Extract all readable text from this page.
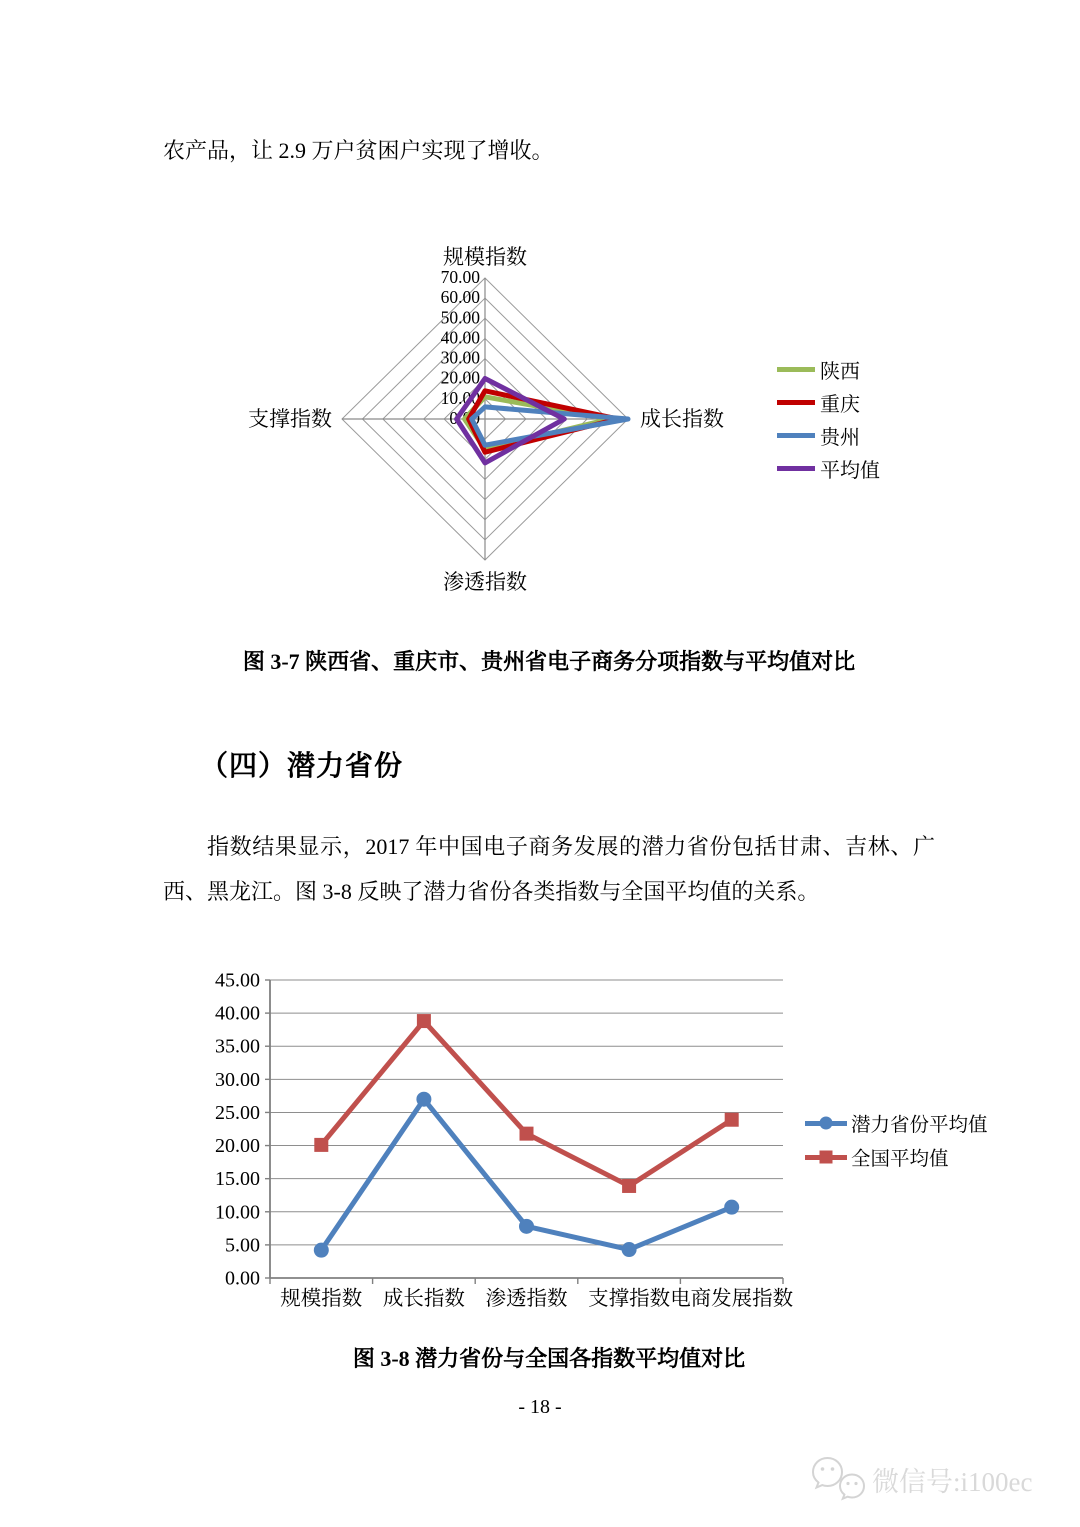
农产品，让 2.9 万户贫困户实现了增收。
0.00
10.00
20.00
30.00
40.00
50.00
60.00
70.00
规模指数
成长指数
渗透指数
支撑指数
陕西
重庆
贵州
平均值
图 3-7 陕西省、重庆市、贵州省电子商务分项指数与平均值对比
（四）潜力省份
指数结果显示，2017 年中国电子商务发展的潜力省份包括甘肃、吉林、广西、黑龙江。图 3-8 反映了潜力省份各类指数与全国平均值的关系。
0.00
5.00
10.00
15.00
20.00
25.00
30.00
35.00
40.00
45.00
规模指数 成长指数 渗透指数 支撑指数 电商发展指数
潜力省份平均值
全国平均值
图 3-8 潜力省份与全国各指数平均值对比
- 18 -
微信号:i100ec
